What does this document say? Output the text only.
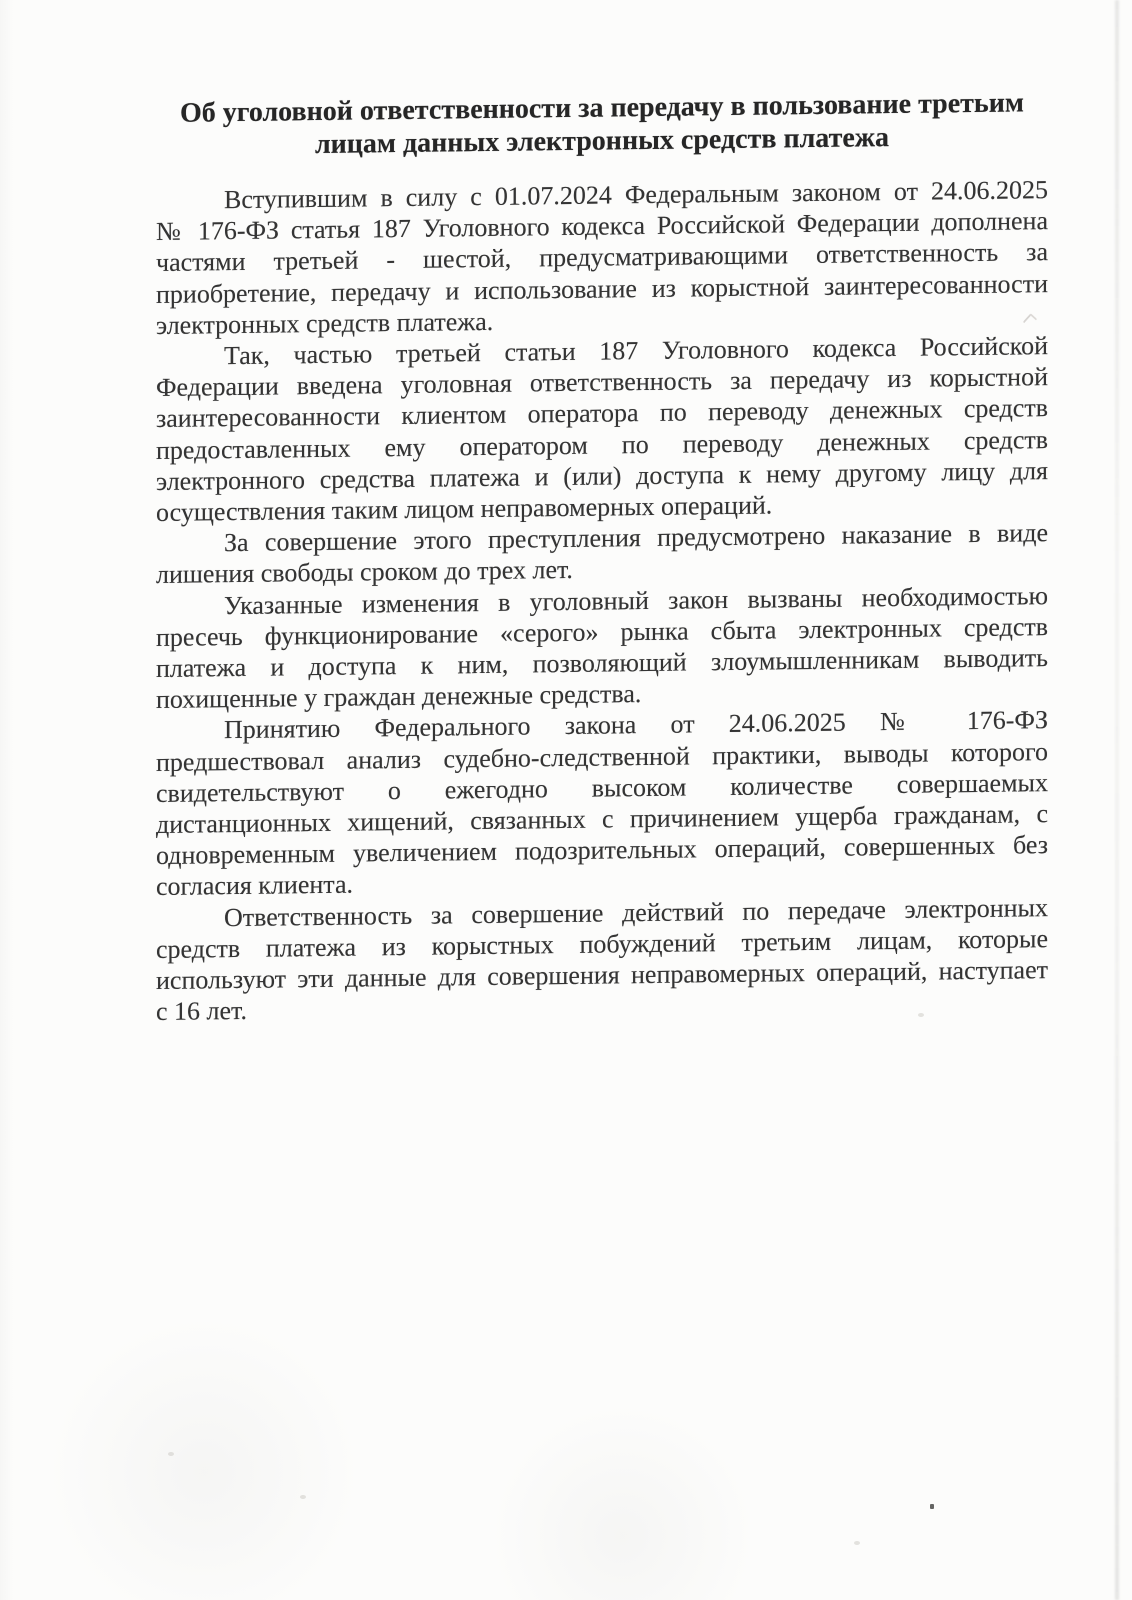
Об уголовной ответственности за передачу в пользование третьим
лицам данных электронных средств платежа
Вступившим в силу с 01.07.2024 Федеральным законом от 24.06.2025
№ 176-ФЗ статья 187 Уголовного кодекса Российской Федерации дополнена
частями третьей - шестой, предусматривающими ответственность за
приобретение, передачу и использование из корыстной заинтересованности
электронных средств платежа.
Так, частью третьей статьи 187 Уголовного кодекса Российской
Федерации введена уголовная ответственность за передачу из корыстной
заинтересованности клиентом оператора по переводу денежных средств
предоставленных ему оператором по переводу денежных средств
электронного средства платежа и (или) доступа к нему другому лицу для
осуществления таким лицом неправомерных операций.
За совершение этого преступления предусмотрено наказание в виде
лишения свободы сроком до трех лет.
Указанные изменения в уголовный закон вызваны необходимостью
пресечь функционирование «серого» рынка сбыта электронных средств
платежа и доступа к ним, позволяющий злоумышленникам выводить
похищенные у граждан денежные средства.
Принятию Федерального закона от 24.06.2025 № 176-ФЗ
предшествовал анализ судебно-следственной практики, выводы которого
свидетельствуют о ежегодно высоком количестве совершаемых
дистанционных хищений, связанных с причинением ущерба гражданам, с
одновременным увеличением подозрительных операций, совершенных без
согласия клиента.
Ответственность за совершение действий по передаче электронных
средств платежа из корыстных побуждений третьим лицам, которые
используют эти данные для совершения неправомерных операций, наступает
с 16 лет.
